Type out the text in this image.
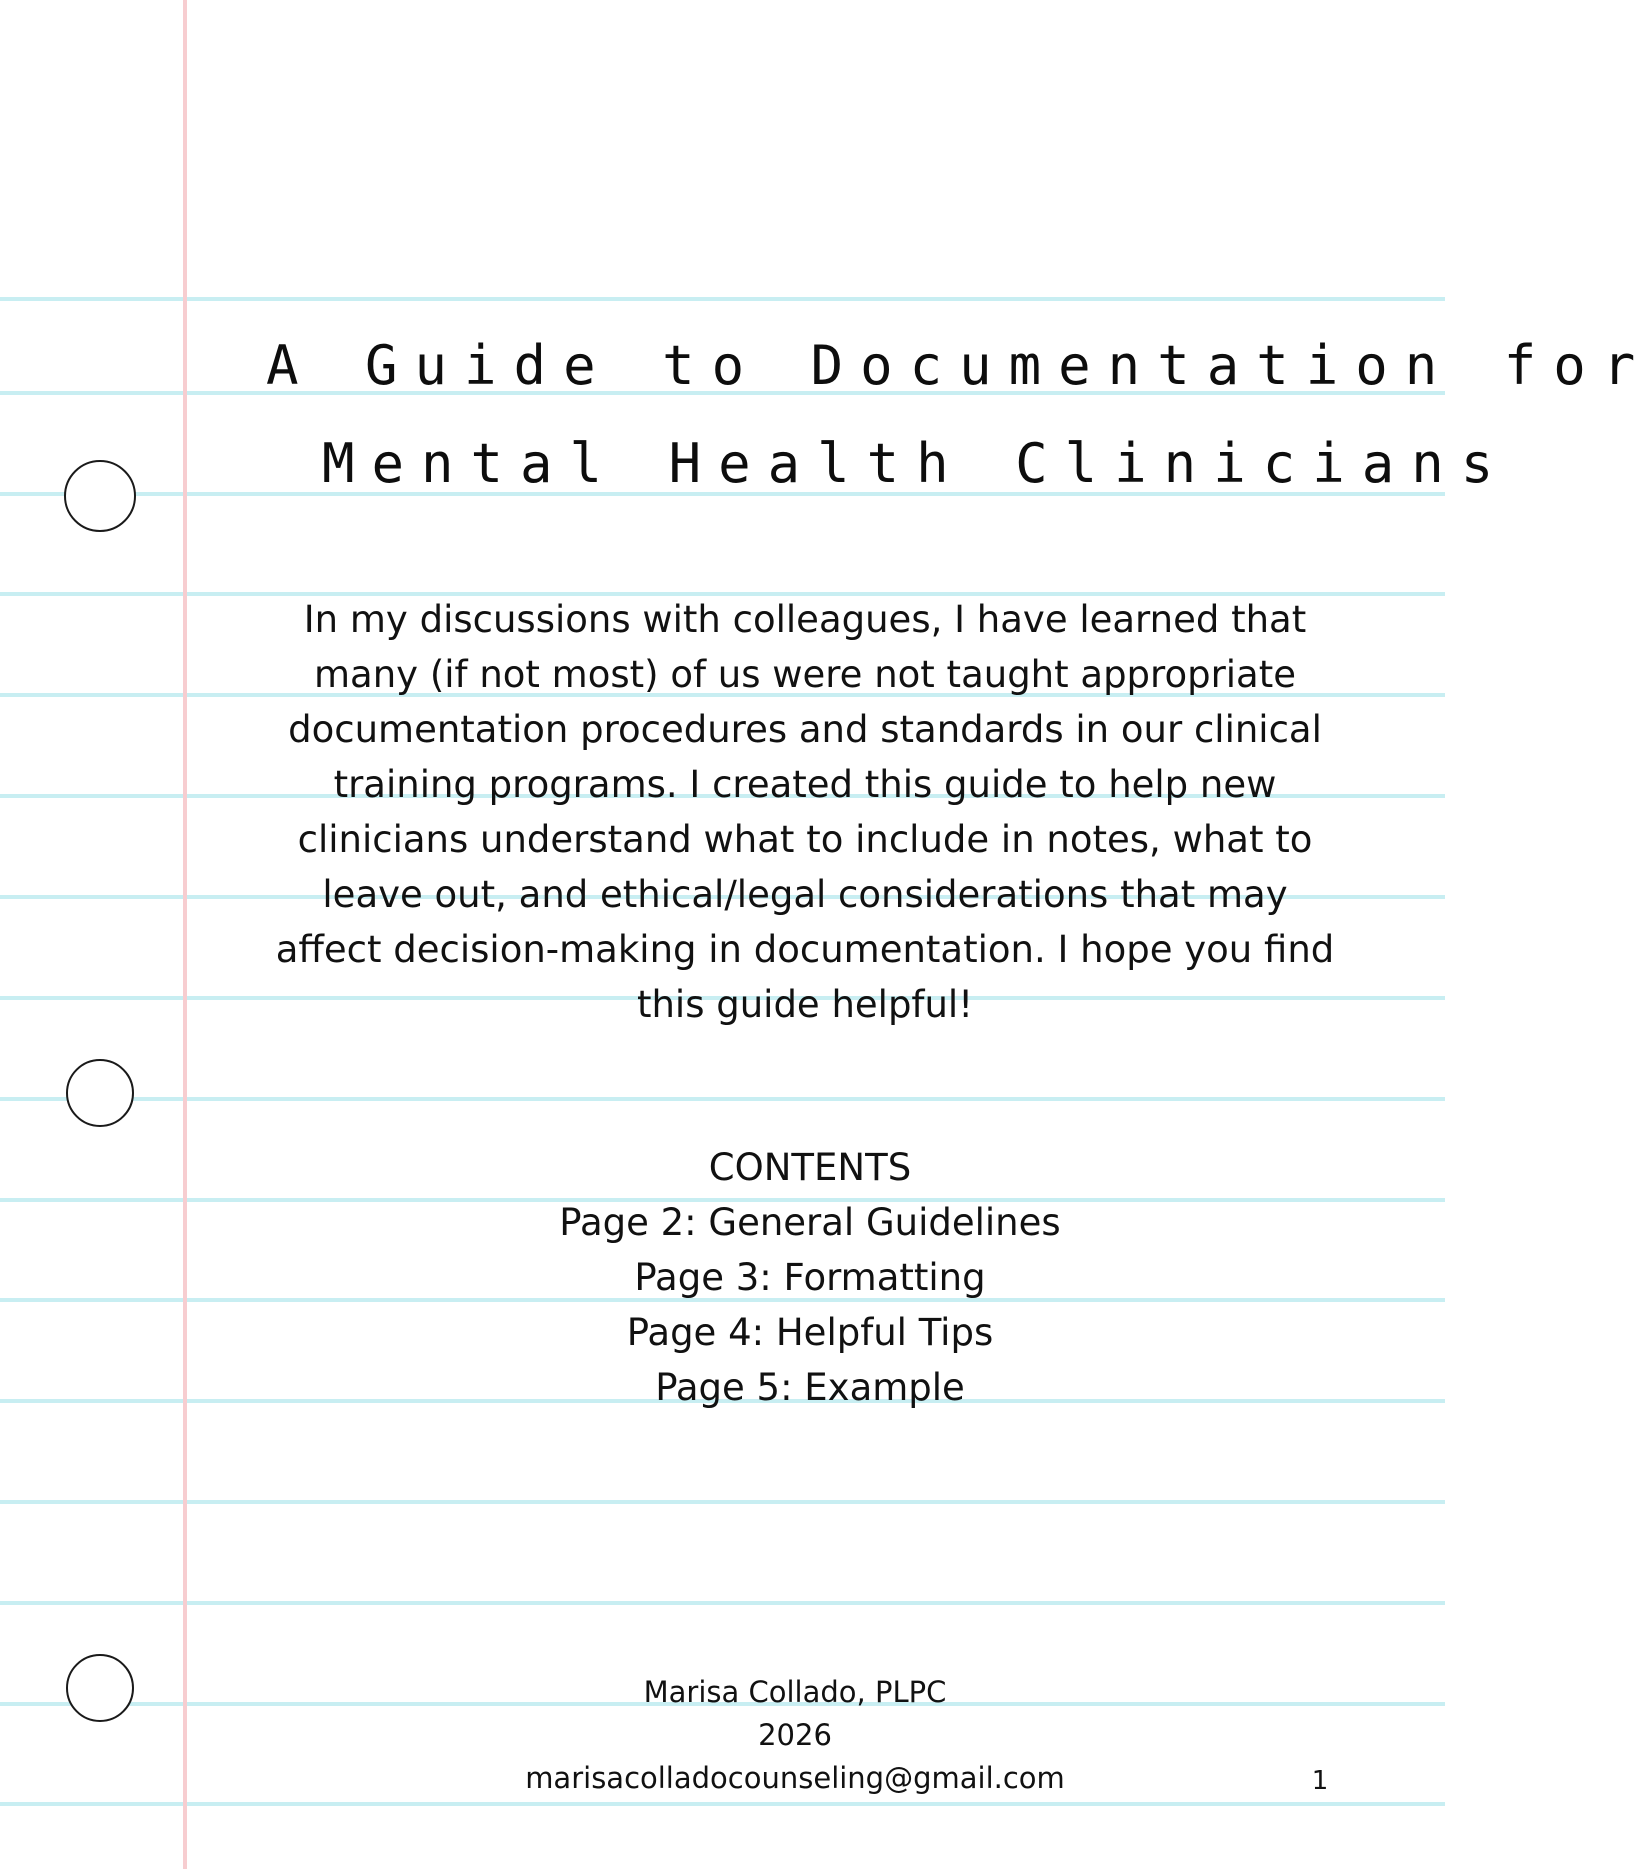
A Guide to Documentation for
Mental Health Clinicians

In my discussions with colleagues, I have learned that many (if not most) of us were not taught appropriate documentation procedures and standards in our clinical training programs. I created this guide to help new clinicians understand what to include in notes, what to leave out, and ethical/legal considerations that may affect decision-making in documentation. I hope you find this guide helpful!

CONTENTS
Page 2: General Guidelines
Page 3: Formatting
Page 4: Helpful Tips
Page 5: Example
Marisa Collado, PLPC
2026
marisacolladocounseling@gmail.com	1
